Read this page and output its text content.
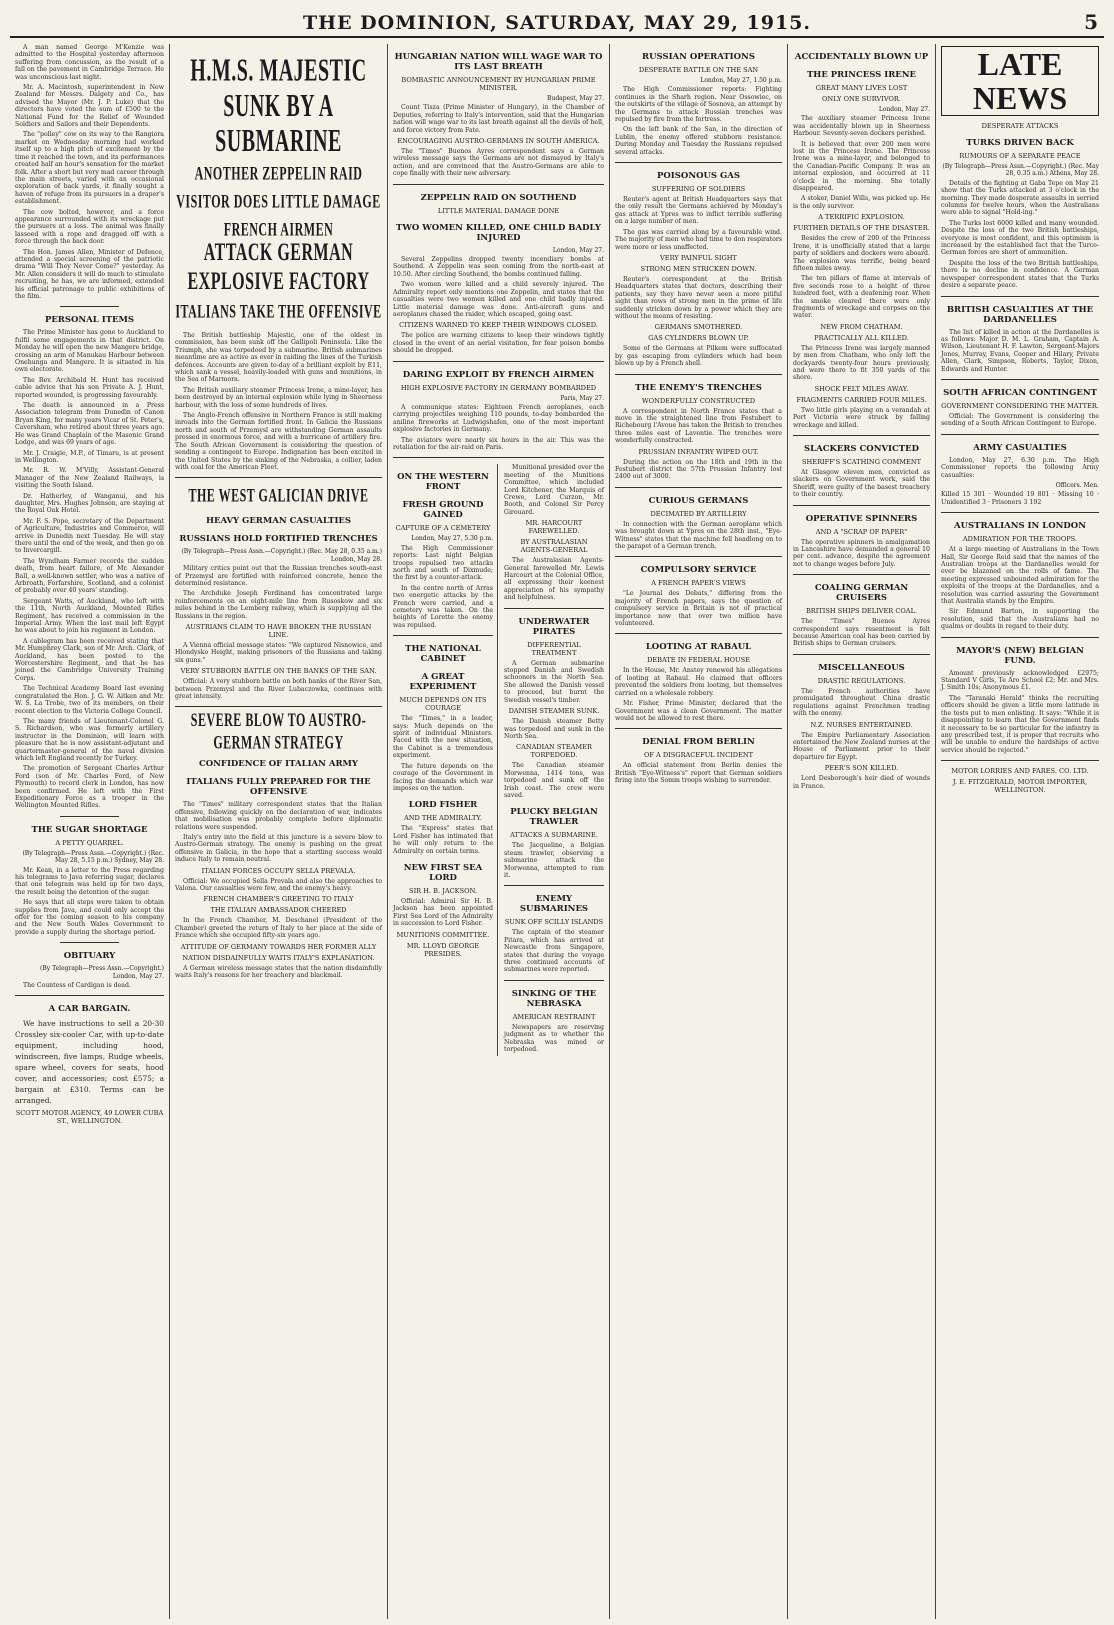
THE DOMINION, SATURDAY, MAY 29, 1915.	5

A man named George M'Kenzie was admitted to the Hospital yesterday afternoon suffering from concussion, as the result of a fall on the pavement in Cambridge Terrace. He was unconscious last night.

Mr. A. Macintosh, superintendent in New Zealand for Messrs. Dalgety and Co., has advised the Mayor (Mr. J. P. Luke) that the directors have voted the sum of £500 to the National Fund for the Relief of Wounded Soldiers and Sailors and their Dependents.

The "polley" cow on its way to the Rangiora market on Wednesday morning had worked itself up to a high pitch of excitement by the time it reached the town, and its performances created half an hour's sensation for the market folk. After a short but very mad career through the main streets, varied with an occasional exploration of back yards, it finally sought a haven of refuge from its pursuers in a draper's establishment.

The cow bolted, however, and a force appearance surrounded with its wreckage put the pursuers at a loss. The animal was finally lassoed with a rope and dragged off with a force through the back door.

The Hon. James Allen, Minister of Defence, attended a special screening of the patriotic drama "Will They Never Come?" yesterday. As Mr. Allen considers it will do much to stimulate recruiting, he has, we are informed, extended his official patronage to public exhibitions of the film.

PERSONAL ITEMS

The Prime Minister has gone to Auckland to fulfil some engagements in that district. On Monday he will open the new Mangere bridge, crossing an arm of Manukau Harbour between Onehunga and Mangere. It is situated in his own electorate.

The Rev. Archibald H. Hunt has received cable advice that his son Private A. J. Hunt, reported wounded, is progressing favourably.

The death is announced in a Press Association telegram from Dunedin of Canon Bryan King, for many years Vicar of St. Peter's, Caversham, who retired about three years ago. He was Grand Chaplain of the Masonic Grand Lodge, and was 69 years of age.

Mr. J. Craigie, M.P., of Timaru, is at present in Wellington.

Mr. R. W. M'Villy, Assistant-General Manager of the New Zealand Railways, is visiting the South Island.

Dr. Hatherley, of Wanganui, and his daughter, Mrs. Hughes Johnson, are staying at the Royal Oak Hotel.

Mr. F. S. Pope, secretary of the Department of Agriculture, Industries and Commerce, will arrive in Dunedin next Tuesday. He will stay there until the end of the week, and then go on to Invercargill.

The Wyndham Farmer records the sudden death, from heart failure, of Mr. Alexander Ball, a well-known settler, who was a native of Arbroath, Forfarshire, Scotland, and a colonist of probably over 40 years' standing.

Sergeant Watts, of Auckland, who left with the 11th, North Auckland, Mounted Rifles Regiment, has received a commission in the Imperial Army. When the last mail left Egypt he was about to join his regiment in London.

A cablegram has been received stating that Mr. Humphrey Clark, son of Mr. Arch. Clark, of Auckland, has been posted to the Worcestershire Regiment, and that he has joined the Cambridge University Training Corps.

The Technical Academy Board last evening congratulated the Hon. J. G. W. Aitken and Mr. W. S. La Trobe, two of its members, on their recent election to the Victoria College Council.

The many friends of Lieutenant-Colonel G. S. Richardson, who was formerly artillery instructor in the Dominion, will learn with pleasure that he is now assistant-adjutant and quartermaster-general of the naval division which left England recently for Turkey.

The promotion of Sergeant Charles Arthur Ford (son of Mr. Charles Ford, of New Plymouth) to record clerk in London, has now been confirmed. He left with the First Expeditionary Force as a trooper in the Wellington Mounted Rifles.

THE SUGAR SHORTAGE
A PETTY QUARREL.
(By Telegraph—Press Assn.—Copyright.) (Rec. May 28, 5.15 p.m.) Sydney, May 28.

Mr. Kean, in a letter to the Press regarding his telegrams to Java referring sugar, declares that one telegram was held up for two days, the result being the detention of the sugar.

He says that all steps were taken to obtain supplies from Java, and could only accept the offer for the coming season to his company and the New South Wales Government to provide a supply during the shortage period.

OBITUARY
(By Telegraph—Press Assn.—Copyright.) London, May 27.

The Countess of Cardigan is dead.

A CAR BARGAIN.

We have instructions to sell a 20-30 Crossley six-cooler Car, with up-to-date equipment, including hood, windscreen, five lamps, Rudge wheels, spare wheel, covers for seats, hood cover, and accessories; cost £575; a bargain at £310. Terms can be arranged.

SCOTT MOTOR AGENCY, 49 LOWER CUBA ST., WELLINGTON.
H.M.S. MAJESTIC
SUNK BY A SUBMARINE
ANOTHER ZEPPELIN RAID
VISITOR DOES LITTLE DAMAGE
FRENCH AIRMEN
ATTACK GERMAN EXPLOSIVE FACTORY
ITALIANS TAKE THE OFFENSIVE

The British battleship Majestic, one of the oldest in commission, has been sunk off the Gallipoli Peninsula. Like the Triumph, she was torpedoed by a submarine. British submarines meantime are as active as ever in raiding the lines of the Turkish defences. Accounts are given to-day of a brilliant exploit by E11, which sank a vessel, heavily-loaded with guns and munitions, in the Sea of Marmora.

The British auxiliary steamer Princess Irene, a mine-layer, has been destroyed by an internal explosion while lying in Sheerness harbour, with the loss of some hundreds of lives.

The Anglo-French offensive in Northern France is still making inroads into the German fortified front. In Galicia the Russians north and south of Przemysl are withstanding German assaults pressed in enormous force, and with a hurricane of artillery fire. The South African Government is considering the question of sending a contingent to Europe. Indignation has been excited in the United States by the sinking of the Nebraska, a collier, laden with coal for the American Fleet.

THE WEST GALICIAN DRIVE
HEAVY GERMAN CASUALTIES
RUSSIANS HOLD FORTIFIED TRENCHES
(By Telegraph—Press Assn.—Copyright.) (Rec. May 28, 0.35 a.m.) London, May 28.

Military critics point out that the Russian trenches south-east of Przemysl are fortified with reinforced concrete, hence the determined resistance.

The Archduke Joseph Ferdinand has concentrated large reinforcements on an eight-mile line from Rusoskow and six miles behind in the Lemberg railway, which is supplying all the Russians in the region.

AUSTRIANS CLAIM TO HAVE BROKEN THE RUSSIAN LINE.

A Vienna official message states: "We captured Nisnowice, and Hlondysko Height, making prisoners of the Russians and taking six guns."

VERY STUBBORN BATTLE ON THE BANKS OF THE SAN.

Official: A very stubborn battle on both banks of the River San, between Przemysl and the River Lubaczowka, continues with great intensity.

SEVERE BLOW TO AUSTRO-GERMAN STRATEGY
CONFIDENCE OF ITALIAN ARMY
ITALIANS FULLY PREPARED FOR THE OFFENSIVE

The "Times" military correspondent states that the Italian offensive, following quickly on the declaration of war, indicates that mobilisation was probably complete before diplomatic relations were suspended.

Italy's entry into the field at this juncture is a severe blow to Austro-German strategy. The enemy is pushing on the great offensive in Galicia, in the hope that a startling success would induce Italy to remain neutral.

ITALIAN FORCES OCCUPY SELLA PREVALA.

Official: We occupied Sella Prevala and also the approaches to Valona. Our casualties were few, and the enemy's heavy.

FRENCH CHAMBER'S GREETING TO ITALY
THE ITALIAN AMBASSADOR CHEERED

In the French Chamber, M. Deschanel (President of the Chamber) greeted the return of Italy to her place at the side of France which she occupied fifty-six years ago.

ATTITUDE OF GERMANY TOWARDS HER FORMER ALLY
NATION DISDAINFULLY WAITS ITALY'S EXPLANATION.

A German wireless message states that the nation disdainfully waits Italy's reasons for her treachery and blackmail.

HUNGARIAN NATION WILL WAGE WAR TO ITS LAST BREATH
BOMBASTIC ANNOUNCEMENT BY HUNGARIAN PRIME MINISTER.
Budapest, May 27.

Count Tisza (Prime Minister of Hungary), in the Chamber of Deputies, referring to Italy's intervention, said that the Hungarian nation will wage war to its last breath against all the devils of hell, and force victory from Fate.

ENCOURAGING AUSTRO-GERMANS IN SOUTH AMERICA.

The "Times" Buenos Ayres correspondent says a German wireless message says the Germans are not dismayed by Italy's action, and are convinced that the Austro-Germans are able to cope finally with their new adversary.

ZEPPELIN RAID ON SOUTHEND
LITTLE MATERIAL DAMAGE DONE
TWO WOMEN KILLED, ONE CHILD BADLY INJURED
London, May 27.

Several Zeppelins dropped twenty incendiary bombs at Southend. A Zeppelin was seen coming from the north-east at 10.50. After circling Southend, the bombs continued falling.

Two women were killed and a child severely injured. The Admiralty report only mentions one Zeppelin, and states that the casualties were two women killed and one child badly injured. Little material damage was done. Anti-aircraft guns and aeroplanes chased the raider, which escaped, going east.

CITIZENS WARNED TO KEEP THEIR WINDOWS CLOSED.

The police are warning citizens to keep their windows tightly closed in the event of an aerial visitation, for fear poison bombs should be dropped.

DARING EXPLOIT BY FRENCH AIRMEN
HIGH EXPLOSIVE FACTORY IN GERMANY BOMBARDED
Paris, May 27.

A communique states: Eighteen French aeroplanes, each carrying projectiles weighing 110 pounds, to-day bombarded the aniline fireworks at Ludwigshafen, one of the most important explosive factories in Germany.

The aviators were nearly six hours in the air. This was the retaliation for the air-raid on Paris.

ON THE WESTERN FRONT
FRESH GROUND GAINED
CAPTURE OF A CEMETERY
London, May 27, 5.30 p.m.

The High Commissioner reports: Last night Belgian troops repulsed two attacks north and south of Dixmude; the first by a counter-attack.

In the centre north of Arras two energetic attacks by the French were carried, and a cemetery was taken. On the heights of Lorette the enemy was repulsed.

THE NATIONAL CABINET
A GREAT EXPERIMENT
MUCH DEPENDS ON ITS COURAGE

The "Times," in a leader, says: Much depends on the spirit of individual Ministers. Faced with the new situation, the Cabinet is a tremendous experiment.

The future depends on the courage of the Government in facing the demands which war imposes on the nation.

LORD FISHER
AND THE ADMIRALTY.

The "Express" states that Lord Fisher has intimated that he will only return to the Admiralty on certain terms.

NEW FIRST SEA LORD
SIR H. B. JACKSON.

Official: Admiral Sir H. B. Jackson has been appointed First Sea Lord of the Admiralty in succession to Lord Fisher.

MUNITIONS COMMITTEE.
MR. LLOYD GEORGE PRESIDES.

Munitional presided over the meeting of the Munitions Committee, which included Lord Kitchener, the Marquis of Crewe, Lord Curzon, Mr. Booth, and Colonel Sir Percy Girouard.

MR. HARCOURT FAREWELLED.
BY AUSTRALASIAN AGENTS-GENERAL

The Australasian Agents-General farewelled Mr. Lewis Harcourt at the Colonial Office, all expressing their keenest appreciation of his sympathy and helpfulness.

UNDERWATER PIRATES
DIFFERENTIAL TREATMENT

A German submarine stopped Danish and Swedish schooners in the North Sea. She allowed the Danish vessel to proceed, but burnt the Swedish vessel's timber.

DANISH STEAMER SUNK.

The Danish steamer Betty was torpedoed and sunk in the North Sea.

CANADIAN STEAMER TORPEDOED.

The Canadian steamer Morwenna, 1414 tons, was torpedoed and sunk off the Irish coast. The crew were saved.

PLUCKY BELGIAN TRAWLER
ATTACKS A SUBMARINE.

The Jacqueline, a Belgian steam trawler, observing a submarine attack the Morwenna, attempted to ram it.

ENEMY SUBMARINES
SUNK OFF SCILLY ISLANDS

The captain of the steamer Pitara, which has arrived at Newcastle from Singapore, states that during the voyage three continued accounts of submarines were reported.

SINKING OF THE NEBRASKA
AMERICAN RESTRAINT

Newspapers are reserving judgment as to whether the Nebraska was mined or torpedoed.

RUSSIAN OPERATIONS
DESPERATE BATTLE ON THE SAN
London, May 27, 1.50 p.m.

The High Commissioner reports: Fighting continues in the Sharh region. Near Ossowiec, on the outskirts of the village of Sosnova, an attempt by the Germans to attack Russian trenches was repulsed by fire from the fortress.

On the left bank of the San, in the direction of Lublin, the enemy offered stubborn resistance. During Monday and Tuesday the Russians repulsed several attacks.

POISONOUS GAS
SUFFERING OF SOLDIERS

Reuter's agent at British Headquarters says that the only result the Germans achieved by Monday's gas attack at Ypres was to inflict terrible suffering on a large number of men.

The gas was carried along by a favourable wind. The majority of men who had time to don respirators were more or less unaffected.

VERY PAINFUL SIGHT
STRONG MEN STRICKEN DOWN.

Reuter's correspondent at the British Headquarters states that doctors, describing their patients, say they have never seen a more pitiful sight than rows of strong men in the prime of life suddenly stricken down by a power which they are without the means of resisting.

GERMANS SMOTHERED.
GAS CYLINDERS BLOWN UP.

Some of the Germans at Pilkem were suffocated by gas escaping from cylinders which had been blown up by a French shell.

THE ENEMY'S TRENCHES
WONDERFULLY CONSTRUCTED

A correspondent in North France states that a move in the straightened line from Festubert to Richebourg l'Avoue has taken the British to trenches three miles east of Laventie. The trenches were wonderfully constructed.

PRUSSIAN INFANTRY WIPED OUT.

During the action on the 18th and 19th in the Festubert district the 57th Prussian Infantry lost 2400 out of 3000.

CURIOUS GERMANS
DECIMATED BY ARTILLERY

In connection with the German aeroplane which was brought down at Ypres on the 28th inst., "Eye-Witness" states that the machine fell headlong on to the parapet of a German trench.

COMPULSORY SERVICE
A FRENCH PAPER'S VIEWS

"Le Journal des Debats," differing from the majority of French papers, says the question of compulsory service in Britain is not of practical importance now that over two million have volunteered.

LOOTING AT RABAUL
DEBATE IN FEDERAL HOUSE

In the House, Mr. Anstey renewed his allegations of looting at Rabaul. He claimed that officers prevented the soldiers from looting, but themselves carried on a wholesale robbery.

Mr. Fisher, Prime Minister, declared that the Government was a clean Government. The matter would not be allowed to rest there.

DENIAL FROM BERLIN
OF A DISGRACEFUL INCIDENT

An official statement from Berlin denies the British "Eye-Witness's" report that German soldiers firing into the Somm troops wishing to surrender.

ACCIDENTALLY BLOWN UP
THE PRINCESS IRENE
GREAT MANY LIVES LOST
ONLY ONE SURVIVOR.
London, May 27.

The auxiliary steamer Princess Irene was accidentally blown up in Sheerness Harbour. Seventy-seven dockers perished.

It is believed that over 200 men were lost in the Princess Irene. The Princess Irene was a mine-layer, and belonged to the Canadian-Pacific Company. It was an internal explosion, and occurred at 11 o'clock in the morning. She totally disappeared.

A stoker, Daniel Wills, was picked up. He is the only survivor.

A TERRIFIC EXPLOSION.
FURTHER DETAILS OF THE DISASTER.

Besides the crew of 200 of the Princess Irene, it is unofficially stated that a large party of soldiers and dockers were aboard. The explosion was terrific, being heard fifteen miles away.

The ten pillars of flame at intervals of five seconds rose to a height of three hundred feet, with a deafening roar. When the smoke cleared there were only fragments of wreckage and corpses on the water.

NEW FROM CHATHAM.
PRACTICALLY ALL KILLED.

The Princess Irene was largely manned by men from Chatham, who only left the dockyards twenty-four hours previously, and were there to fit 350 yards of the shore.

SHOCK FELT MILES AWAY.
FRAGMENTS CARRIED FOUR MILES.

Two little girls playing on a verandah at Port Victoria were struck by falling wreckage and killed.

SLACKERS CONVICTED
SHERIFF'S SCATHING COMMENT

At Glasgow eleven men, convicted as slackers on Government work, said the Sheriff, were guilty of the basest treachery to their country.

OPERATIVE SPINNERS
AND A "SCRAP OF PAPER"

The operative spinners in amalgamation in Lancashire have demanded a general 10 per cent. advance, despite the agreement not to change wages before July.

COALING GERMAN CRUISERS
BRITISH SHIPS DELIVER COAL.

The "Times" Buenos Ayres correspondent says resentment is felt because American coal has been carried by British ships to German cruisers.

MISCELLANEOUS
DRASTIC REGULATIONS.

The French authorities have promulgated throughout China drastic regulations against Frenchmen trading with the enemy.

N.Z. NURSES ENTERTAINED.

The Empire Parliamentary Association entertained the New Zealand nurses at the House of Parliament prior to their departure for Egypt.

PEER'S SON KILLED.

Lord Desborough's heir died of wounds in France.

LATE NEWS
DESPERATE ATTACKS
TURKS DRIVEN BACK
RUMOURS OF A SEPARATE PEACE
(By Telegraph—Press Assn.—Copyright.) (Rec. May 28, 0.35 a.m.) Athens, May 28.

Details of the fighting at Gaba Tepe on May 21 show that the Turks attacked at 3 o'clock in the morning. They made desperate assaults in serried columns for twelve hours, when the Australians were able to signal "Hold-ing."

The Turks lost 6000 killed and many wounded. Despite the loss of the two British battleships, everyone is most confident, and this optimism is increased by the established fact that the Turco-German forces are short of ammunition.

Despite the loss of the two British battleships, there is no decline in confidence. A German newspaper correspondent states that the Turks desire a separate peace.

BRITISH CASUALTIES AT THE DARDANELLES

The list of killed in action at the Dardanelles is as follows: Major D. M. L. Graham, Captain A. Wilson, Lieutenant H. F. Lawton, Sergeant-Majors Jones, Murray, Evans, Cooper and Hilary, Private Allen, Clark, Simpson, Roberts, Taylor, Dixon, Edwards and Hunter.

SOUTH AFRICAN CONTINGENT
GOVERNMENT CONSIDERING THE MATTER.

Official: The Government is considering the sending of a South African Contingent to Europe.

ARMY CASUALTIES

London, May 27, 6.30 p.m. The High Commissioner reports the following Army casualties:

Officers. Men.

Killed 15 301 · Wounded 19 801 · Missing 10 · Unidentified 3 · Prisoners 3 192

AUSTRALIANS IN LONDON
ADMIRATION FOR THE TROOPS.

At a large meeting of Australians in the Town Hall, Sir George Reid said that the names of the Australian troops at the Dardanelles would for ever be blazoned on the rolls of fame. The meeting expressed unbounded admiration for the exploits of the troops at the Dardanelles, and a resolution was carried assuring the Government that Australia stands by the Empire.

Sir Edmund Barton, in supporting the resolution, said that the Australians had no qualms or doubts in regard to their duty.

MAYOR'S (NEW) BELGIAN FUND.

Amount previously acknowledged £2975; Standard V Girls, Te Aro School £2; Mr. and Mrs. J. Smith 10s; Anonymous £1.

The "Taranaki Herald" thinks the recruiting officers should be given a little more latitude in the tests put to men enlisting. It says: "While it is disappointing to learn that the Government finds it necessary to be so particular for the infantry in any prescribed test, it is proper that recruits who will be unable to endure the hardships of active service should be rejected."

MOTOR LORRIES AND FARES. CO. LTD.
J. E. FITZGERALD, MOTOR IMPORTER, WELLINGTON.
